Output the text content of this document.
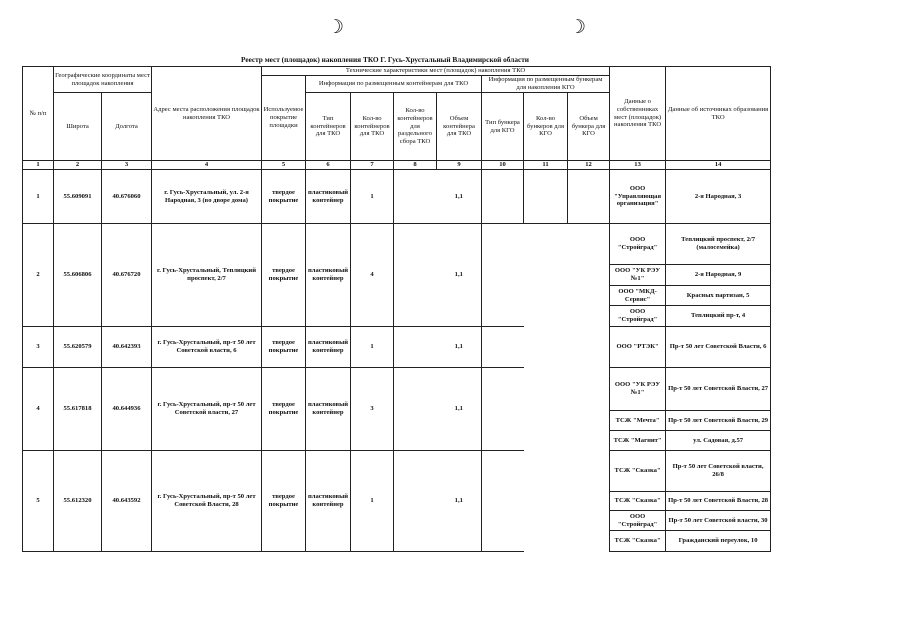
☽	☽
Реестр мест (площадок) накопления ТКО Г. Гусь-Хрустальный Владимирской области
№ п/п	Географические координаты мест площадок накопления		Адрес места расположения площадок накопления ТКО	Технические характеристики мест (площадок) накопления ТКО								Данные о собственниках мест (площадок) накопления ТКО	Данные об источниках образования ТКО
				Используемое покрытие площадки	Информация по размещенным контейнерам для ТКО				Информация по размещенным бункерам для накопления КГО				
	Широта	Долгота			Тип контейнеров для ТКО	Кол-во контейнеров для ТКО	Кол-во контейнеров для раздельного сбора ТКО	Объем контейнера для ТКО	Тип бункера для КГО	Кол-во бункеров для КГО	Объем бункера для КГО		

1	2	3	4	5	6	7	8	9	10	11	12	13	14
1	55.609091	40.676060	г. Гусь-Хрустальный, ул. 2-я Народная, 3 (во дворе дома)	твердое покрытие	пластиковый контейнер	1		1,1				ООО "Управляющая организация"	2-я Народная, 3
2	55.606806	40.676720	г. Гусь-Хрустальный, Теплицкий проспект, 2/7	твердое покрытие	пластиковый контейнер	4		1,1				ООО "Стройград"	Теплицкий проспект, 2/7 (малосемейка)
												ООО "УК РЭУ №1"	2-я Народная, 9
												ООО "МКД-Сервис"	Красных партизан, 5
												ООО "Стройград"	Теплицкий пр-т, 4
3	55.620579	40.642393	г. Гусь-Хрустальный, пр-т 50 лет Советской власти, 6	твердое покрытие	пластиковый контейнер	1		1,1				ООО "РТЭК"	Пр-т 50 лет Советской Власти, 6
4	55.617818	40.644936	г. Гусь-Хрустальный, пр-т 50 лет Советской власти, 27	твердое покрытие	пластиковый контейнер	3		1,1				ООО "УК РЭУ №1"	Пр-т 50 лет Советской Власти, 27
												ТСЖ "Мечта"	Пр-т 50 лет Советской Власти, 29
												ТСЖ "Магнит"	ул. Садовая, д.57
5	55.612320	40.643592	г. Гусь-Хрустальный, пр-т 50 лет Советской Власти, 28	твердое покрытие	пластиковый контейнер	1		1,1				ТСЖ "Сказка"	Пр-т 50 лет Советской власти, 26/8
												ТСЖ "Сказка"	Пр-т 50 лет Советской Власти, 28
												ООО "Стройград"	Пр-т 50 лет Советской власти, 30
												ТСЖ "Сказка"	Гражданский переулок, 10
